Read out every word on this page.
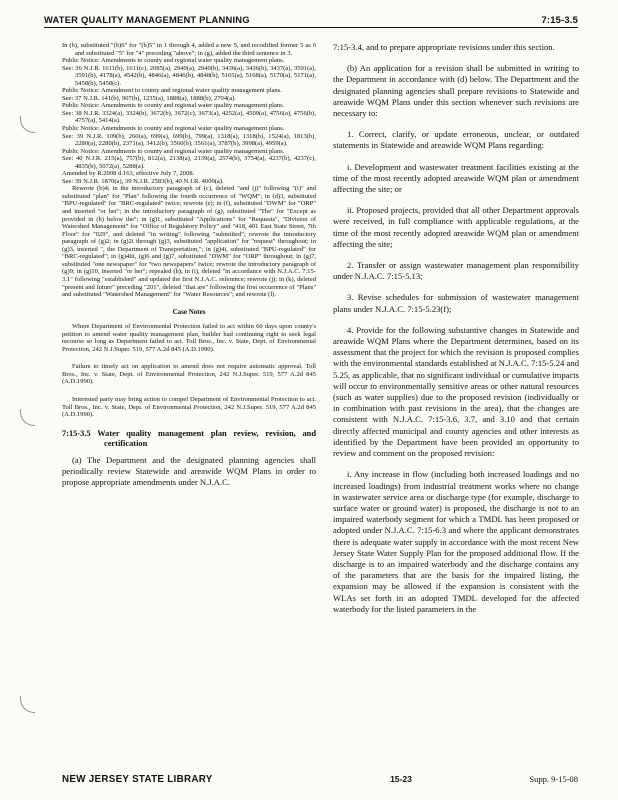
WATER QUALITY MANAGEMENT PLANNING	7:15-3.5

In (b), substituted "(b)6" for "(b)5" in 1 through 4, added a new 5, and recodified former 5 as 6 and substituted "5" for "4" preceding "above"; in (g), added the third sentence in 3.

Public Notice: Amendments to county and regional water quality management plans.

See: 36 N.J.R. 1611(b), 1611(c), 2085(a), 2940(a), 2940(b), 3436(a), 3436(b), 3437(a), 3591(a), 3591(b), 4178(a), 4542(b), 4846(a), 4846(b), 4848(b), 5165(a), 5168(a), 5170(a), 5171(a), 5458(b), 5458(c).

Public Notice: Amendment to county and regional water quality management plans.

See: 37 N.J.R. 141(b), 907(b), 1235(a), 1888(a), 1888(b), 2704(a).

Public Notice: Amendments to county and regional water quality management plans.

See: 38 N.J.R. 3324(a), 3324(b), 3672(b), 3672(c), 3673(a), 4252(a), 4509(a), 4756(a), 4756(b), 4757(a), 5414(a).

Public Notice: Amendments to county and regional water quality management plans.

See: 39 N.J.R. 109(b), 260(a), 699(a), 699(b), 799(a), 1318(a), 1318(b), 1524(a), 1813(b), 2280(a), 2280(b), 2371(a), 3412(b), 3560(b), 3561(a), 3787(b), 3998(a), 4959(a).

Public Notice: Amendments to county and regional water quality management plans.

See: 40 N.J.R. 215(a), 757(b), 812(a), 2138(a), 2139(a), 2574(b), 3754(a), 4237(b), 4237(c), 4835(b), 5072(a), 5288(a).

Amended by R.2008 d.163, effective July 7, 2008.

See: 39 N.J.R. 1870(a), 39 N.J.R. 2583(b), 40 N.J.R. 4000(a).

Rewrote (b)4; in the introductory paragraph of (c), deleted "and (j)" following "(i)" and substituted "plan" for "Plan" following the fourth occurrence of "WQM"; in (d)3, substituted "BPU-regulated" for "BRC-regulated" twice; rewrote (e); in (f), substituted "DWM" for "ORP" and inserted "or her"; in the introductory paragraph of (g), substituted "The" for "Except as provided in (h) below the"; in (g)1, substituted "Applications" for "Requests", "Division of Watershed Management" for "Office of Regulatory Policy" and "418, 401 East State Street, 7th Floor" for "029", and deleted "in writing" following "submitted"; rewrote the introductory paragraph of (g)2; in (g)2i through (g)3, substituted "application" for "request" throughout; in (g)3, inserted ", the Department of Transportation,"; in (g)4i, substituted "BPU-regulated" for "BRC-regulated"; in (g)4iii, (g)6 and (g)7, substituted "DWM" for "ORP" throughout; in (g)7, substituted "one newspaper" for "two newspapers" twice; rewrote the introductory paragraph of (g)9; in (g)10, inserted "or her"; repealed (h); in (i), deleted "in accordance with N.J.A.C. 7:15-3.1" following "established" and updated the first N.J.A.C. reference; rewrote (j); in (k), deleted "present and future" preceding "201", deleted "that are" following the first occurrence of "Plans" and substituted "Watershed Management" for "Water Resources"; and rewrote (l).

Case Notes

Where Department of Environmental Protection failed to act within 60 days upon county's petition to amend water quality management plan, builder had continuing right to seek legal recourse so long as Department failed to act. Toll Bros., Inc. v. State, Dept. of Environmental Protection, 242 N.J.Super. 519, 577 A.2d 845 (A.D.1990).

Failure to timely act on application to amend does not require automatic approval. Toll Bros., Inc. v. State, Dept. of Environmental Protection, 242 N.J.Super. 519, 577 A.2d 845 (A.D.1990).

Interested party may bring action to compel Department of Environmental Protection to act. Toll Bros., Inc. v. State, Dept. of Environmental Protection, 242 N.J.Super. 519, 577 A.2d 845 (A.D.1990).

7:15-3.5 Water quality management plan review, revision, and certification

(a) The Department and the designated planning agencies shall periodically review Statewide and areawide WQM Plans in order to propose appropriate amendments under N.J.A.C.

7:15-3.4, and to prepare appropriate revisions under this section.

(b) An application for a revision shall be submitted in writing to the Department in accordance with (d) below. The Department and the designated planning agencies shall prepare revisions to Statewide and areawide WQM Plans under this section whenever such revisions are necessary to:

1. Correct, clarify, or update erroneous, unclear, or outdated statements in Statewide and areawide WQM Plans regarding:

i. Development and wastewater treatment facilities existing at the time of the most recently adopted areawide WQM plan or amendment affecting the site; or

ii. Proposed projects, provided that all other Department approvals were received, in full compliance with applicable regulations, at the time of the most recently adopted areawide WQM plan or amendment affecting the site;

2. Transfer or assign wastewater management plan responsibility under N.J.A.C. 7:15-5.13;

3. Revise schedules for submission of wastewater management plans under N.J.A.C. 7:15-5.23(f);

4. Provide for the following substantive changes in Statewide and areawide WQM Plans where the Department determines, based on its assessment that the project for which the revision is proposed complies with the environmental standards established at N.J.A.C. 7:15-5.24 and 5.25, as applicable, that no significant individual or cumulative impacts will occur to environmentally sensitive areas or other natural resources (such as water supplies) due to the proposed revision (individually or in combination with past revisions in the area), that the changes are consistent with N.J.A.C. 7:15-3.6, 3.7, and 3.10 and that certain directly affected municipal and county agencies and other interests as identified by the Department have been provided an opportunity to review and comment on the proposed revision:

i. Any increase in flow (including both increased loadings and no increased loadings) from industrial treatment works where no change in wastewater service area or discharge type (for example, discharge to surface water or ground water) is proposed, the discharge is not to an impaired waterbody segment for which a TMDL has been proposed or adopted under N.J.A.C. 7:15-6.3 and where the applicant demonstrates there is adequate water supply in accordance with the most recent New Jersey State Water Supply Plan for the proposed additional flow. If the discharge is to an impaired waterbody and the discharge contains any of the parameters that are the basis for the impaired listing, the expansion may be allowed if the expansion is consistent with the WLAs set forth in an adopted TMDL developed for the affected waterbody for the listed parameters in the

NEW JERSEY STATE LIBRARY	15-23	Supp. 9-15-08
